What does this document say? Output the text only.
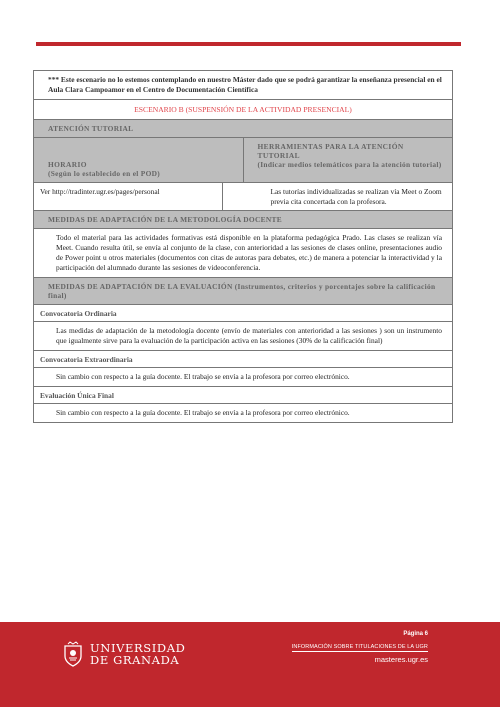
*** Este escenario no lo estemos contemplando en nuestro Máster dado que se podrá garantizar la enseñanza presencial en el Aula Clara Campoamor en el Centro de Documentación Científica
ESCENARIO B (SUSPENSIÓN DE LA ACTIVIDAD PRESENCIAL)
ATENCIÓN TUTORIAL
HORARIO
(Según lo establecido en el POD)
HERRAMIENTAS PARA LA ATENCIÓN TUTORIAL
(Indicar medios telemáticos para la atención tutorial)
Ver http://tradinter.ugr.es/pages/personal	Las tutorías individualizadas se realizan vía Meet o Zoom previa cita concertada con la profesora.
MEDIDAS DE ADAPTACIÓN DE LA METODOLOGÍA DOCENTE
Todo el material para las actividades formativas está disponible en la plataforma pedagógica Prado. Las clases se realizan vía Meet. Cuando resulta útil, se envía al conjunto de la clase, con anterioridad a las sesiones de clases online, presentaciones audio de Power point u otros materiales (documentos con citas de autoras para debates, etc.) de manera a potenciar la interactividad y la participación del alumnado durante las sesiones de videoconferencia.
MEDIDAS DE ADAPTACIÓN DE LA EVALUACIÓN (Instrumentos, criterios y porcentajes sobre la calificación final)
Convocatoria Ordinaria
Las medidas de adaptación de la metodología docente (envío de materiales con anterioridad a las sesiones ) son un instrumento que igualmente sirve para la evaluación de la participación activa en las sesiones (30% de la calificación final)
Convocatoria Extraordinaria
Sin cambio con respecto a la guía docente. El trabajo se envía a la profesora por correo electrónico.
Evaluación Única Final
Sin cambio con respecto a la guía docente. El trabajo se envía a la profesora por correo electrónico.
UNIVERSIDAD
DE GRANADA
Página 6
INFORMACIÓN SOBRE TITULACIONES DE LA UGR
masteres.ugr.es
